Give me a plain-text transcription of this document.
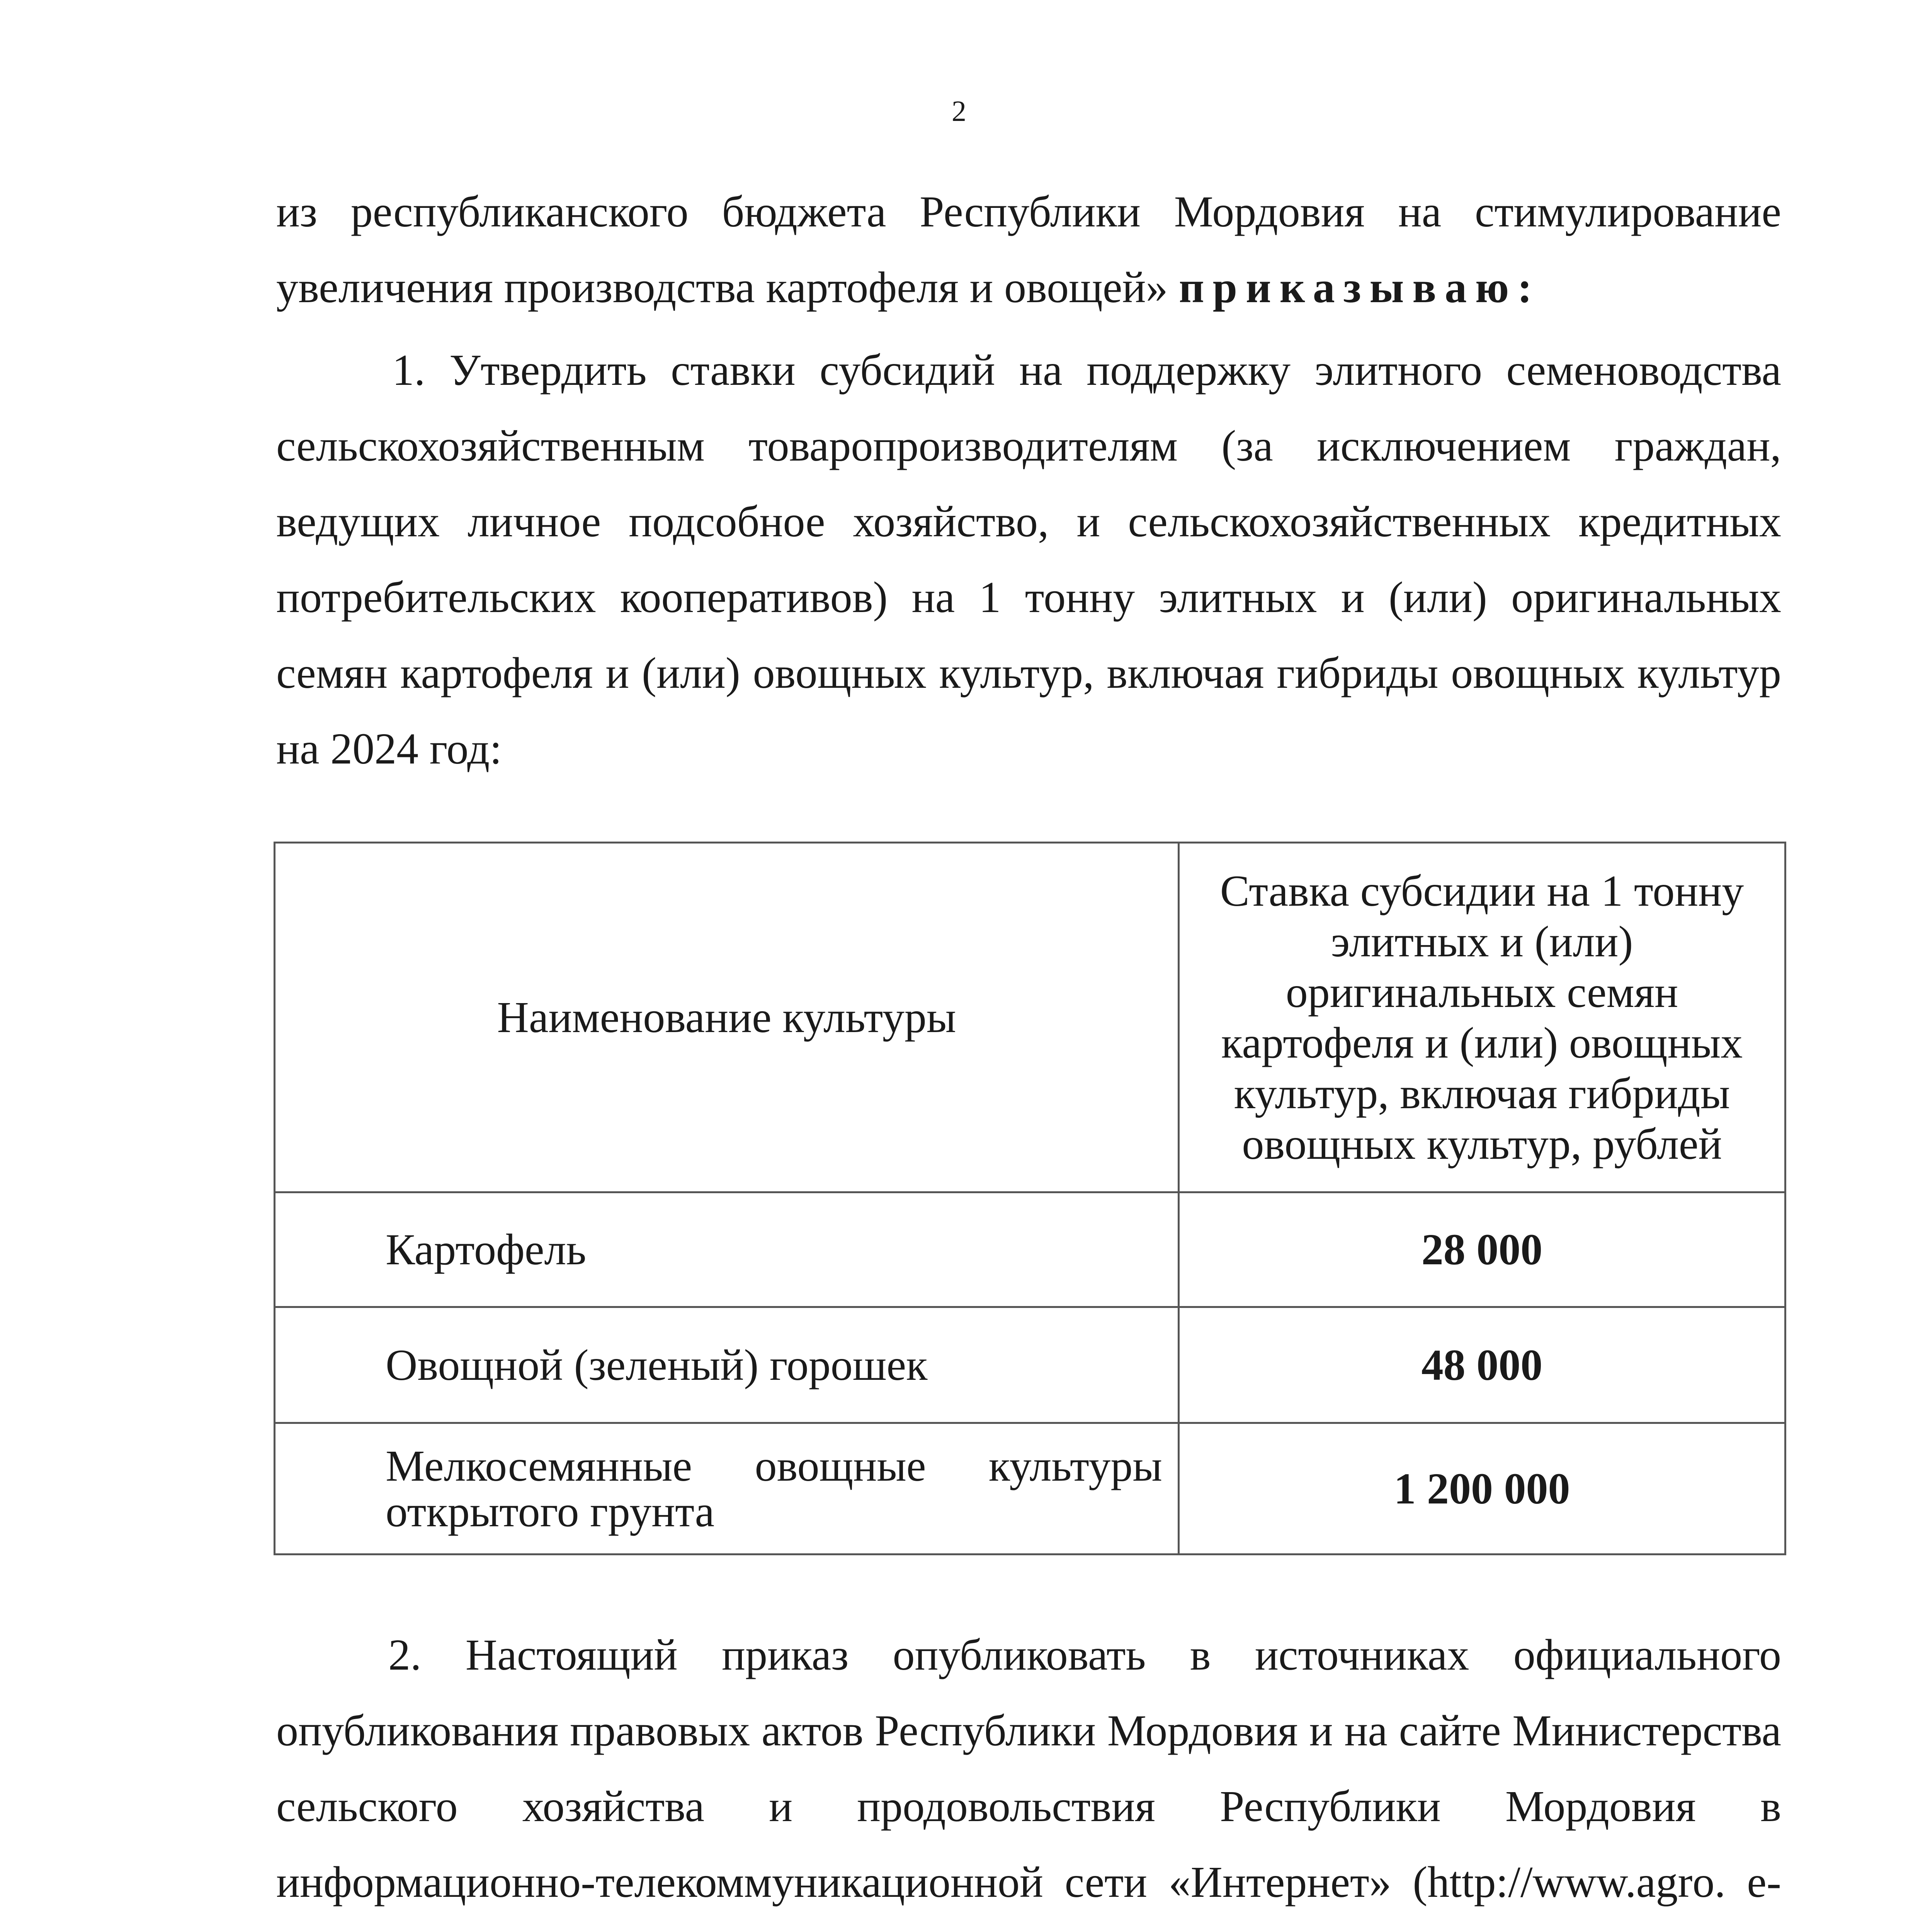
2

из республиканского бюджета Республики Мордовия на стимулирование увеличения производства картофеля и овощей» приказываю:

1. Утвердить ставки субсидий на поддержку элитного семеноводства сельскохозяйственным товаропроизводителям (за исключением граждан, ведущих личное подсобное хозяйство, и сельскохозяйственных кредитных потребительских кооперативов) на 1 тонну элитных и (или) оригинальных семян картофеля и (или) овощных культур, включая гибриды овощных культур на 2024 год:

Наименование культуры	Ставка субсидии на 1 тонну элитных и (или) оригинальных семян картофеля и (или) овощных культур, включая гибриды овощных культур, рублей
Картофель	28 000
Овощной (зеленый) горошек	48 000
Мелкосемянные овощные культуры открытого грунта	1 200 000

2. Настоящий приказ опубликовать в источниках официального опубликования правовых актов Республики Мордовия и на сайте Министерства сельского хозяйства и продовольствия Республики Мордовия в информационно-телекоммуникационной сети «Интернет» (http://www.agro. e-
